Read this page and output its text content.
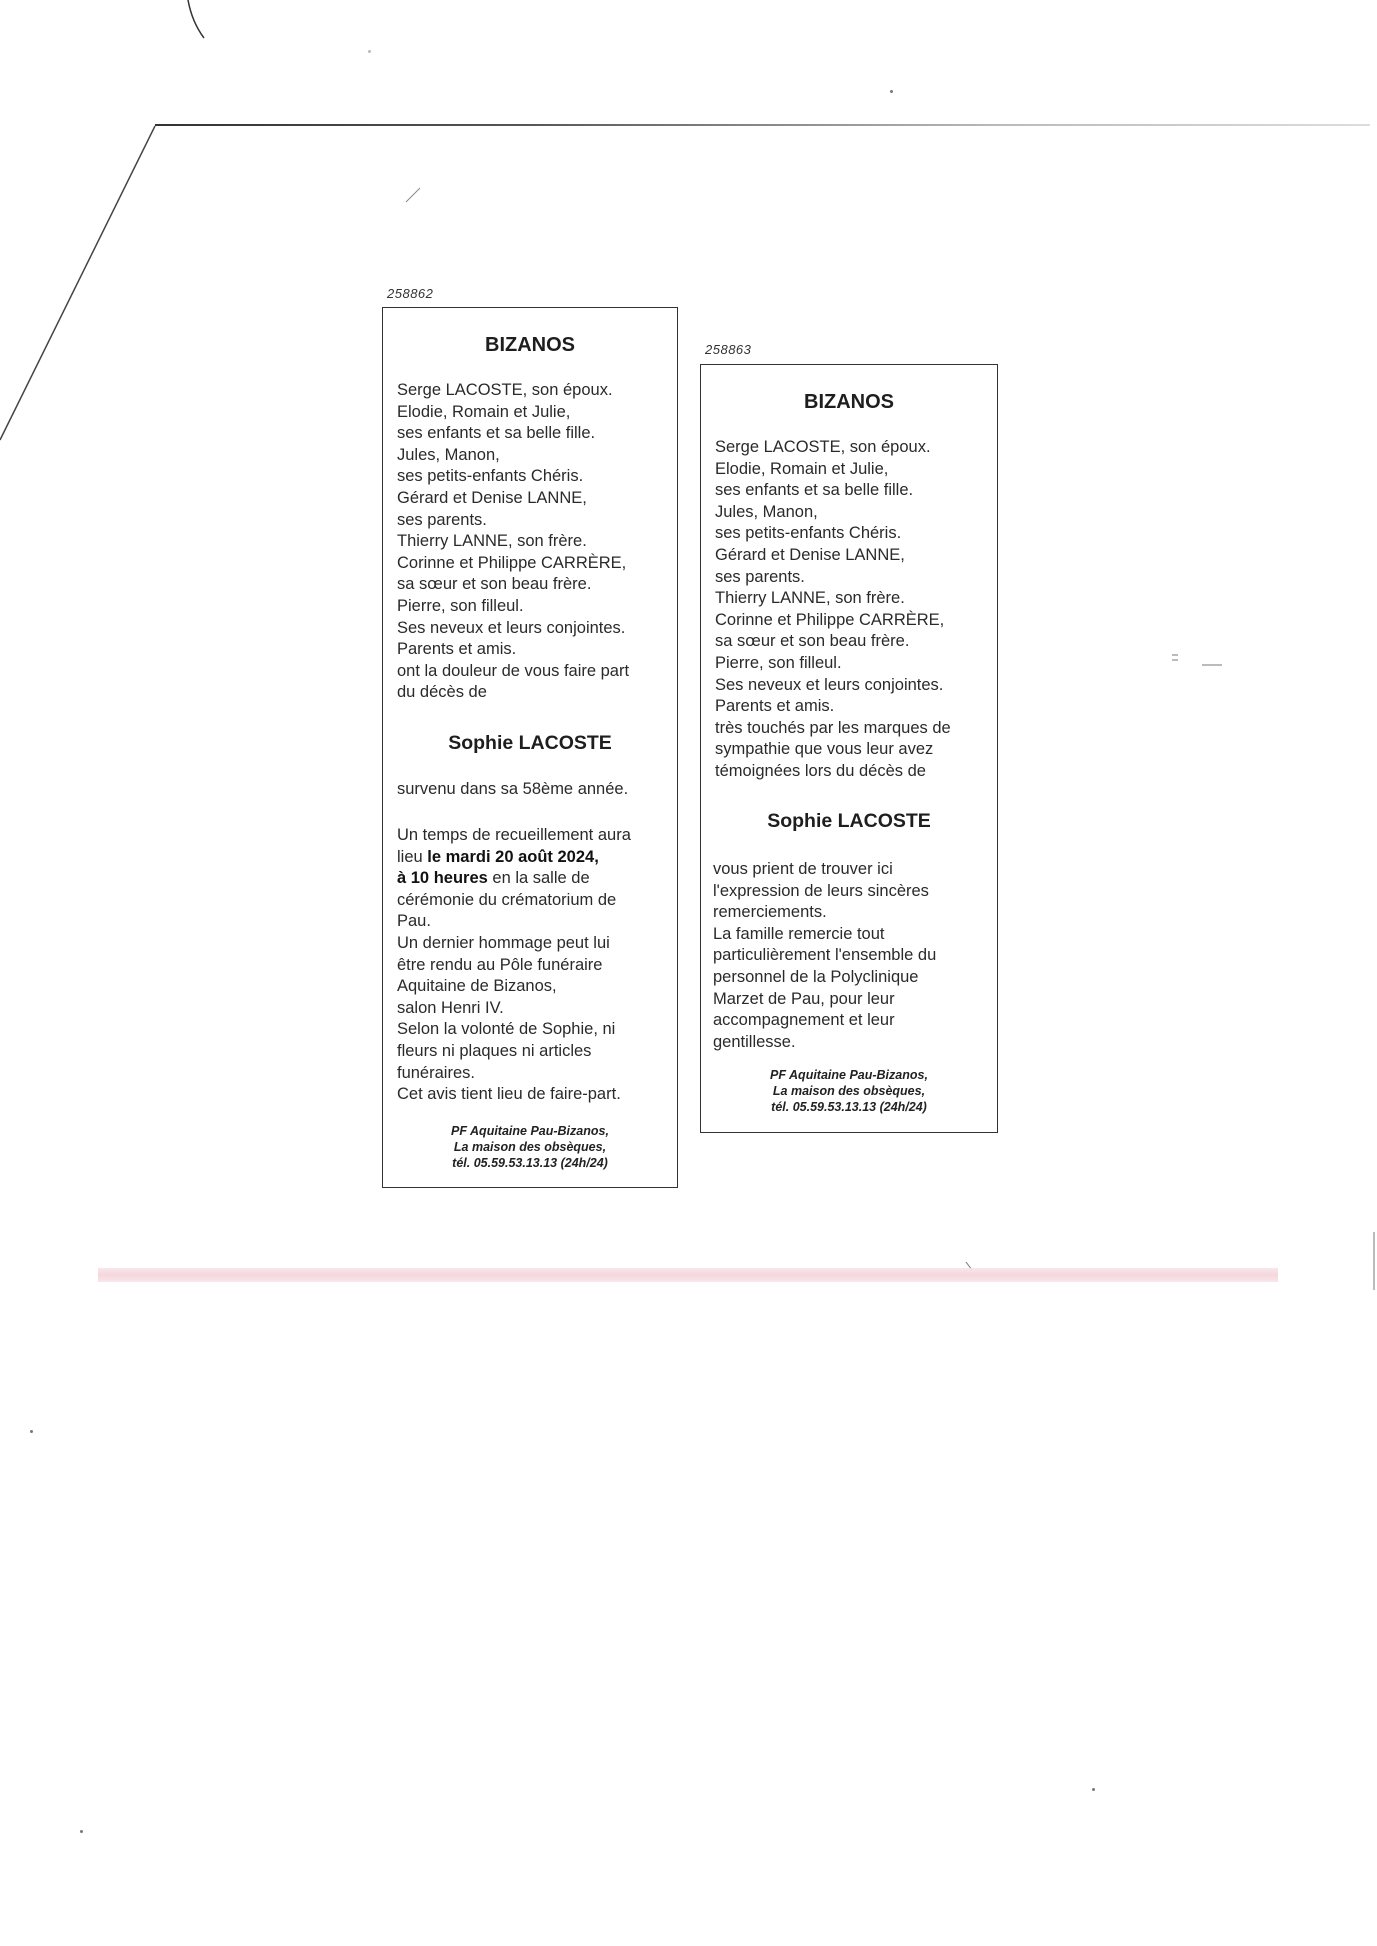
258862

BIZANOS

Serge LACOSTE, son époux.
Elodie, Romain et Julie,
ses enfants et sa belle fille.
Jules, Manon,
ses petits-enfants Chéris.
Gérard et Denise LANNE,
ses parents.
Thierry LANNE, son frère.
Corinne et Philippe CARRÈRE,
sa sœur et son beau frère.
Pierre, son filleul.
Ses neveux et leurs conjointes.
Parents et amis.
ont la douleur de vous faire part
du décès de
Sophie LACOSTE
survenu dans sa 58ème année.
Un temps de recueillement aura
lieu le mardi 20 août 2024,
à 10 heures en la salle de
cérémonie du crématorium de
Pau.
Un dernier hommage peut lui
être rendu au Pôle funéraire
Aquitaine de Bizanos,
salon Henri IV.
Selon la volonté de Sophie, ni
fleurs ni plaques ni articles
funéraires.
Cet avis tient lieu de faire-part.
PF Aquitaine Pau-Bizanos,
La maison des obsèques,
tél. 05.59.53.13.13 (24h/24)
258863

BIZANOS

Serge LACOSTE, son époux.
Elodie, Romain et Julie,
ses enfants et sa belle fille.
Jules, Manon,
ses petits-enfants Chéris.
Gérard et Denise LANNE,
ses parents.
Thierry LANNE, son frère.
Corinne et Philippe CARRÈRE,
sa sœur et son beau frère.
Pierre, son filleul.
Ses neveux et leurs conjointes.
Parents et amis.
très touchés par les marques de
sympathie que vous leur avez
témoignées lors du décès de
Sophie LACOSTE
vous prient de trouver ici
l'expression de leurs sincères
remerciements.
La famille remercie tout
particulièrement l'ensemble du
personnel de la Polyclinique
Marzet de Pau, pour leur
accompagnement et leur
gentillesse.
PF Aquitaine Pau-Bizanos,
La maison des obsèques,
tél. 05.59.53.13.13 (24h/24)
